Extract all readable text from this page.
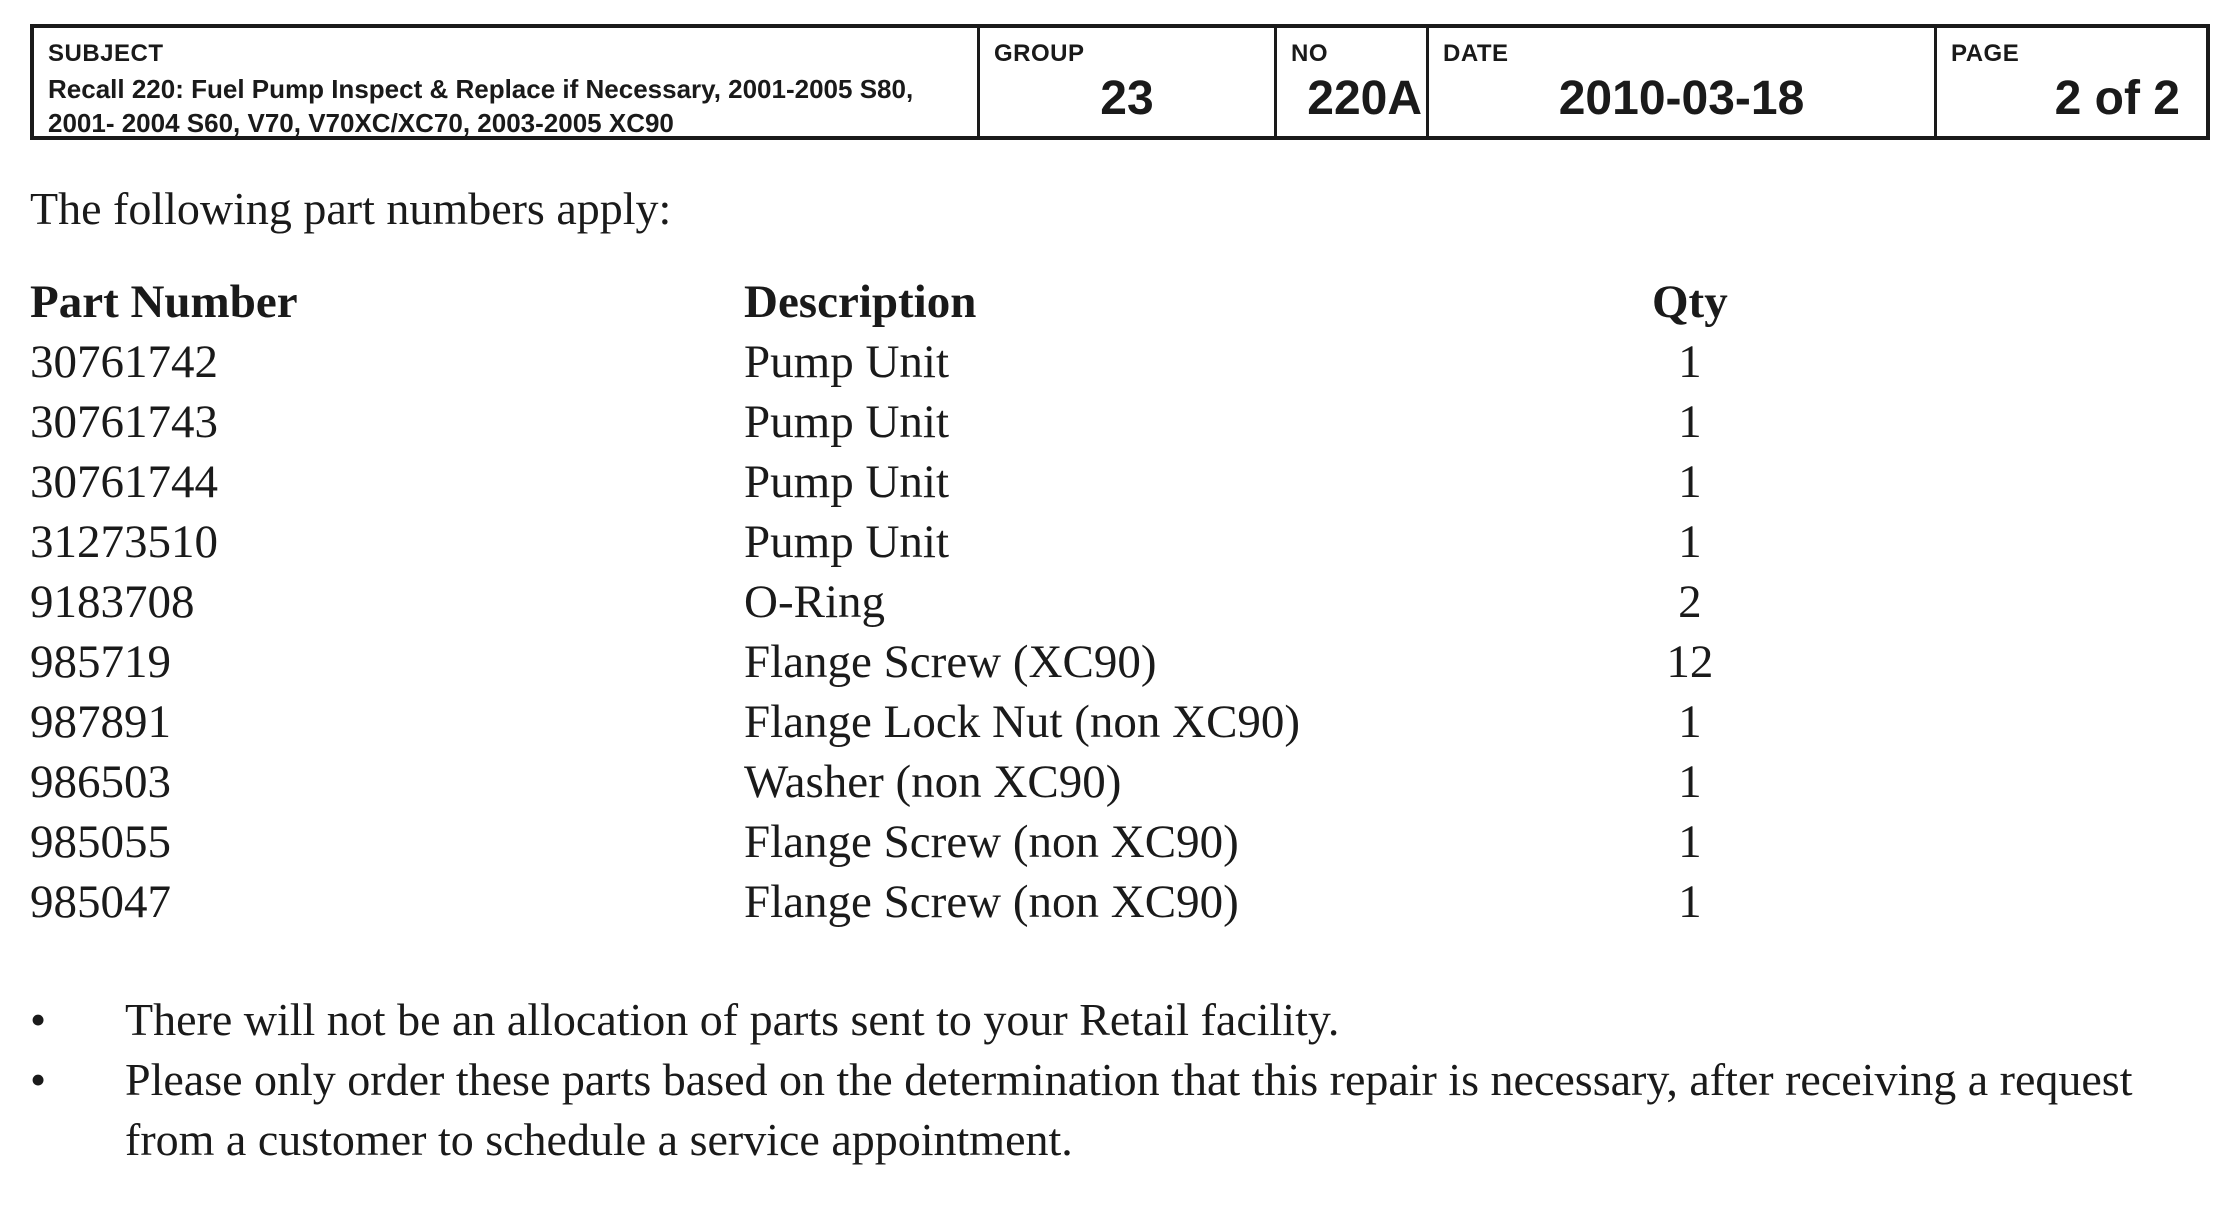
SUBJECT
Recall 220: Fuel Pump Inspect & Replace if Necessary, 2001-2005 S80, 2001- 2004 S60, V70, V70XC/XC70, 2003-2005 XC90
GROUP
23
NO
220A
DATE
2010-03-18
PAGE
2 of 2

The following part numbers apply:

Part Number	Description	Qty
30761742	Pump Unit	1
30761743	Pump Unit	1
30761744	Pump Unit	1
31273510	Pump Unit	1
9183708	O-Ring	2
985719	Flange Screw (XC90)	12
987891	Flange Lock Nut (non XC90)	1
986503	Washer (non XC90)	1
985055	Flange Screw (non XC90)	1
985047	Flange Screw (non XC90)	1
• There will not be an allocation of parts sent to your Retail facility.
• Please only order these parts based on the determination that this repair is necessary, after receiving a request from a customer to schedule a service appointment.
